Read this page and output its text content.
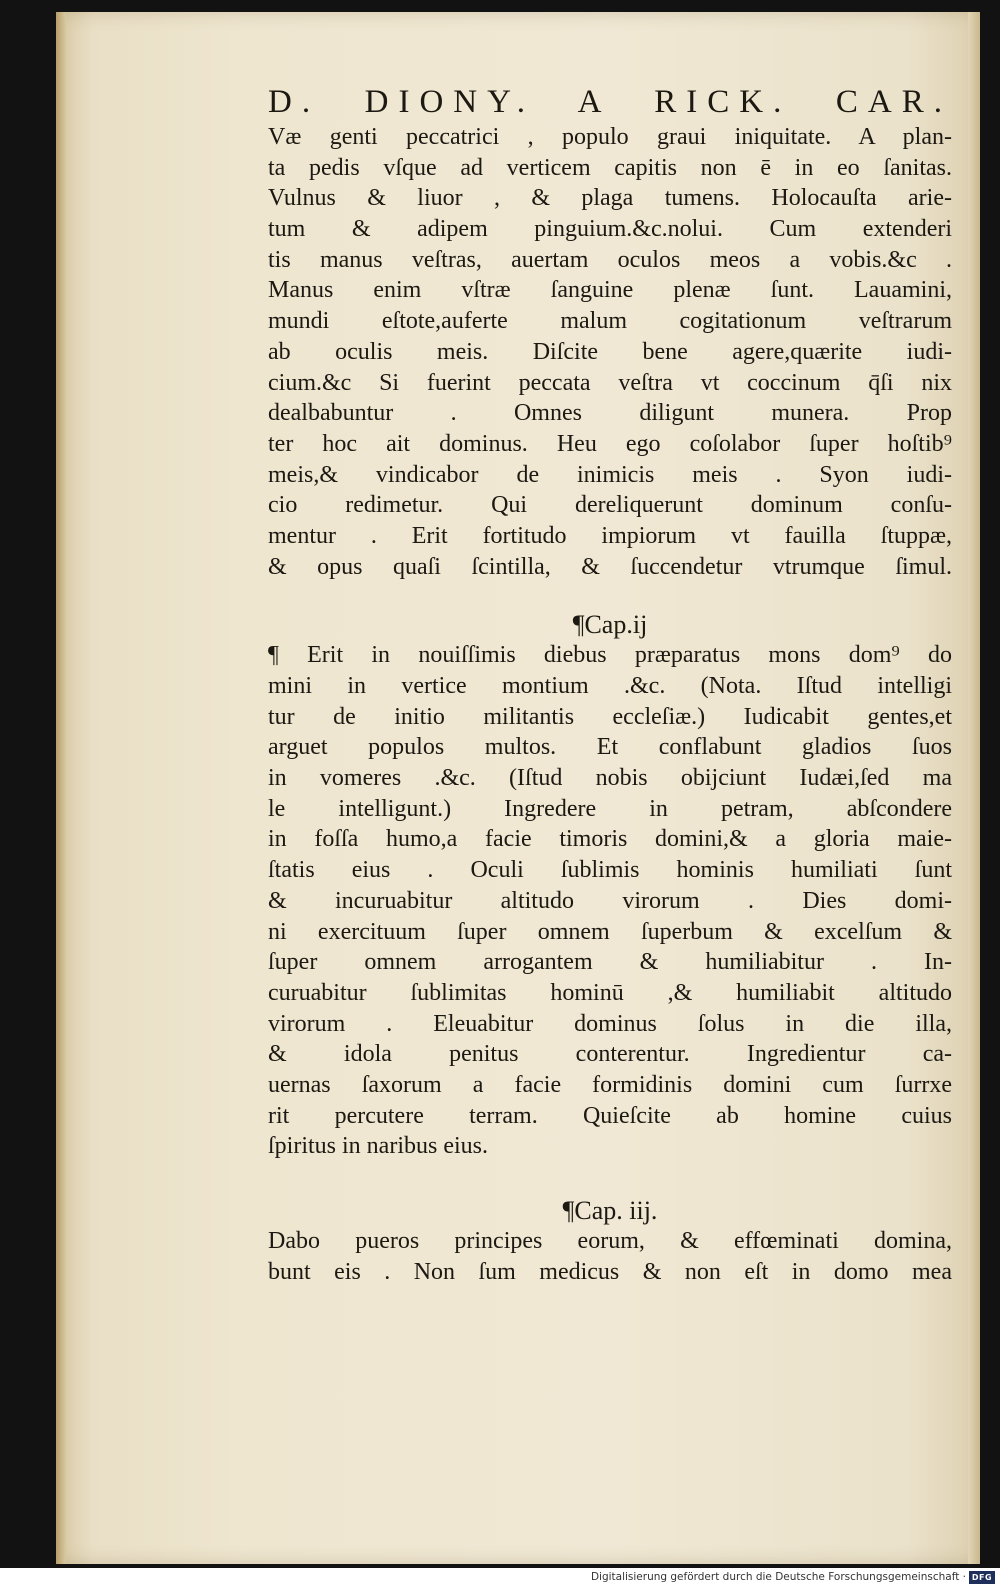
D. DIONY. A RICK. CAR.
Væ genti peccatrici , populo graui iniquitate. A plan-
ta pedis vſque ad verticem capitis non ē in eo ſanitas.
Vulnus & liuor , & plaga tumens. Holocauſta arie-
tum & adipem pinguium.&c.nolui. Cum extenderi
tis manus veſtras, auertam oculos meos a vobis.&c .
Manus enim vſtræ ſanguine plenæ ſunt. Lauamini,
mundi eſtote,auferte malum cogitationum veſtrarum
ab oculis meis. Diſcite bene agere,quærite iudi-
cium.&c Si fuerint peccata veſtra vt coccinum q̄ſi nix
dealbabuntur . Omnes diligunt munera. Prop
ter hoc ait dominus. Heu ego coſolabor ſuper hoſtib⁹
meis,& vindicabor de inimicis meis . Syon iudi-
cio redimetur. Qui dereliquerunt dominum conſu-
mentur . Erit fortitudo impiorum vt fauilla ſtuppæ,
& opus quaſi ſcintilla, & ſuccendetur vtrumque ſimul.
¶Cap.ij
¶ Erit in nouiſſimis diebus præparatus mons dom⁹ do
mini in vertice montium .&c. (Nota. Iſtud intelligi
tur de initio militantis eccleſiæ.) Iudicabit gentes,et
arguet populos multos. Et conflabunt gladios ſuos
in vomeres .&c. (Iſtud nobis obijciunt Iudæi,ſed ma
le intelligunt.) Ingredere in petram, abſcondere
in foſſa humo,a facie timoris domini,& a gloria maie-
ſtatis eius . Oculi ſublimis hominis humiliati ſunt
& incuruabitur altitudo virorum . Dies domi-
ni exercituum ſuper omnem ſuperbum & excelſum &
ſuper omnem arrogantem & humiliabitur . In-
curuabitur ſublimitas hominū ,& humiliabit altitudo
virorum . Eleuabitur dominus ſolus in die illa,
& idola penitus conterentur. Ingredientur ca-
uernas ſaxorum a facie formidinis domini cum ſurrxe
rit percutere terram. Quieſcite ab homine cuius
ſpiritus in naribus eius.
¶Cap. iij.
Dabo pueros principes eorum, & effœminati domina,
bunt eis . Non ſum medicus & non eſt in domo mea
Digitalisierung gefördert durch die Deutsche Forschungsgemeinschaft · DFG
